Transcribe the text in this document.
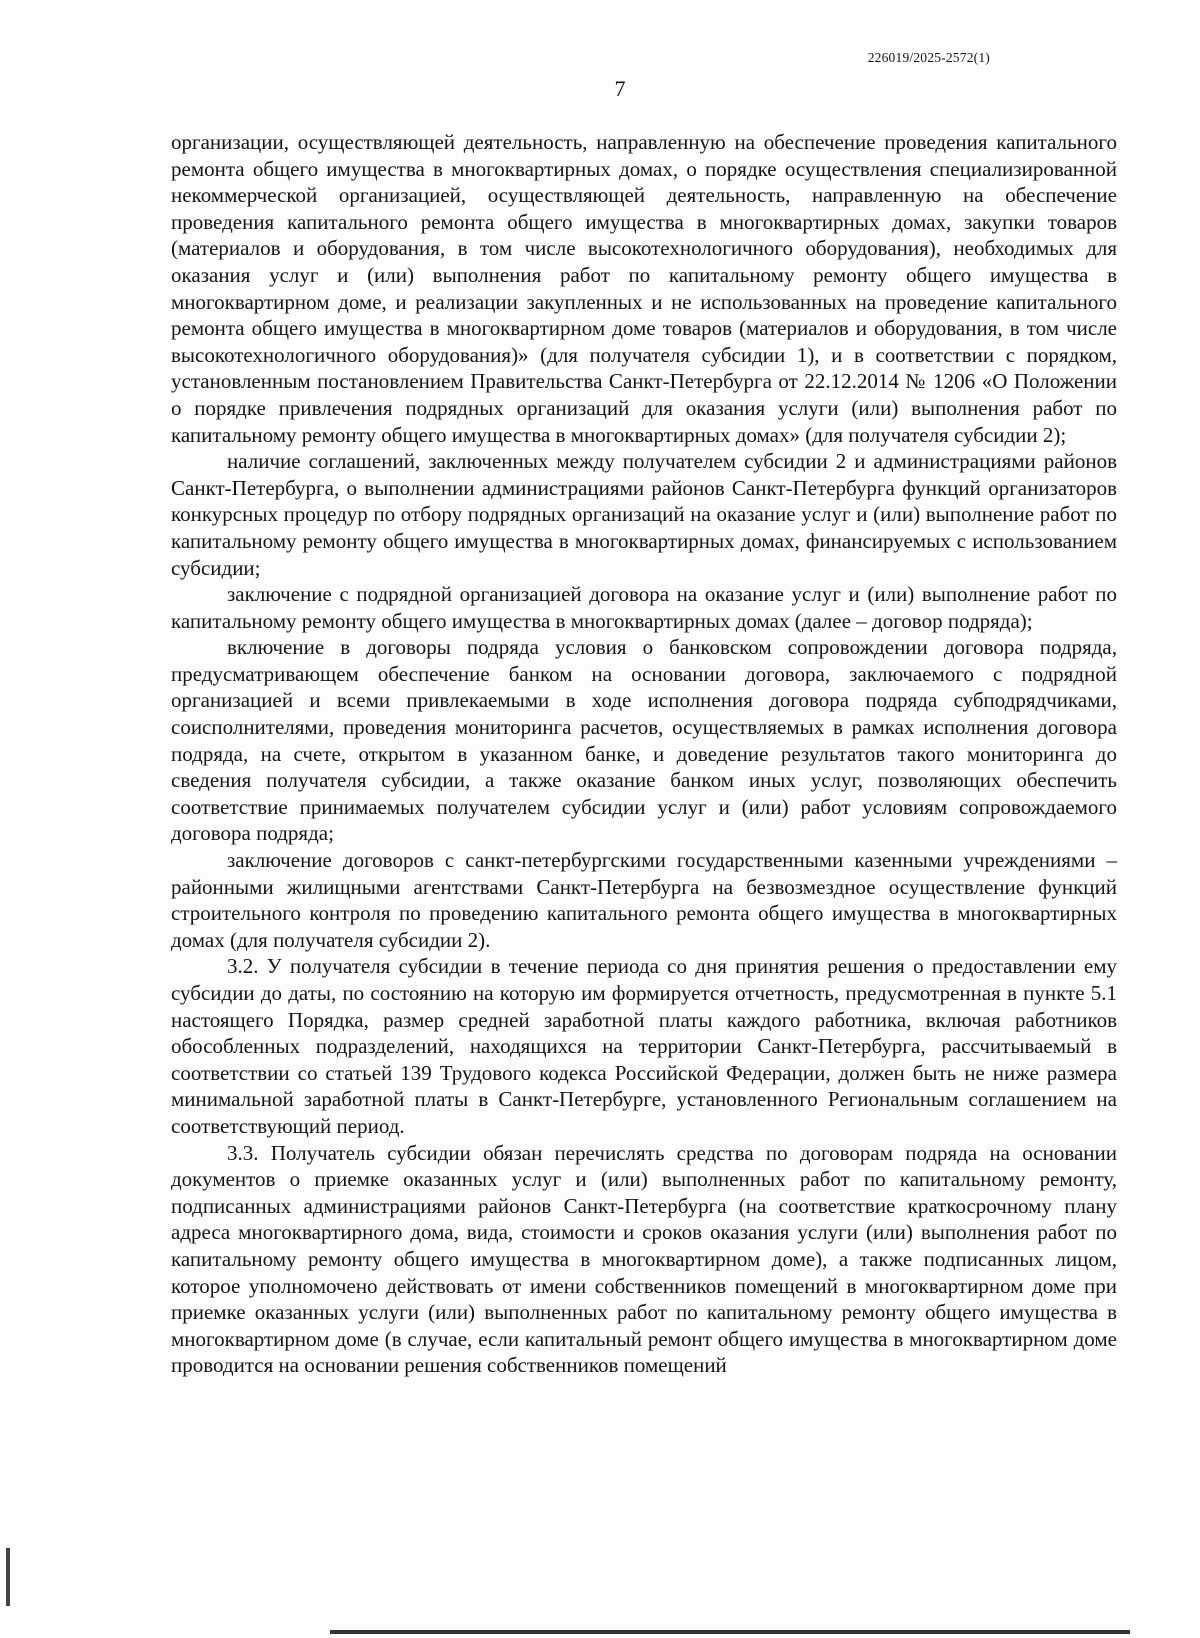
226019/2025-2572(1)
7

организации, осуществляющей деятельность, направленную на обеспечение проведения капитального ремонта общего имущества в многоквартирных домах, о порядке осуществления специализированной некоммерческой организацией, осуществляющей деятельность, направленную на обеспечение проведения капитального ремонта общего имущества в многоквартирных домах, закупки товаров (материалов и оборудования, в том числе высокотехнологичного оборудования), необходимых для оказания услуг и (или) выполнения работ по капитальному ремонту общего имущества в многоквартирном доме, и реализации закупленных и не использованных на проведение капитального ремонта общего имущества в многоквартирном доме товаров (материалов и оборудования, в том числе высокотехнологичного оборудования)» (для получателя субсидии 1), и в соответствии с порядком, установленным постановлением Правительства Санкт-Петербурга от 22.12.2014 № 1206 «О Положении о порядке привлечения подрядных организаций для оказания услуги (или) выполнения работ по капитальному ремонту общего имущества в многоквартирных домах» (для получателя субсидии 2);

наличие соглашений, заключенных между получателем субсидии 2 и администрациями районов Санкт-Петербурга, о выполнении администрациями районов Санкт-Петербурга функций организаторов конкурсных процедур по отбору подрядных организаций на оказание услуг и (или) выполнение работ по капитальному ремонту общего имущества в многоквартирных домах, финансируемых с использованием субсидии;

заключение с подрядной организацией договора на оказание услуг и (или) выполнение работ по капитальному ремонту общего имущества в многоквартирных домах (далее – договор подряда);

включение в договоры подряда условия о банковском сопровождении договора подряда, предусматривающем обеспечение банком на основании договора, заключаемого с подрядной организацией и всеми привлекаемыми в ходе исполнения договора подряда субподрядчиками, соисполнителями, проведения мониторинга расчетов, осуществляемых в рамках исполнения договора подряда, на счете, открытом в указанном банке, и доведение результатов такого мониторинга до сведения получателя субсидии, а также оказание банком иных услуг, позволяющих обеспечить соответствие принимаемых получателем субсидии услуг и (или) работ условиям сопровождаемого договора подряда;

заключение договоров с санкт-петербургскими государственными казенными учреждениями – районными жилищными агентствами Санкт-Петербурга на безвозмездное осуществление функций строительного контроля по проведению капитального ремонта общего имущества в многоквартирных домах (для получателя субсидии 2).

3.2. У получателя субсидии в течение периода со дня принятия решения о предоставлении ему субсидии до даты, по состоянию на которую им формируется отчетность, предусмотренная в пункте 5.1 настоящего Порядка, размер средней заработной платы каждого работника, включая работников обособленных подразделений, находящихся на территории Санкт-Петербурга, рассчитываемый в соответствии со статьей 139 Трудового кодекса Российской Федерации, должен быть не ниже размера минимальной заработной платы в Санкт-Петербурге, установленного Региональным соглашением на соответствующий период.

3.3. Получатель субсидии обязан перечислять средства по договорам подряда на основании документов о приемке оказанных услуг и (или) выполненных работ по капитальному ремонту, подписанных администрациями районов Санкт-Петербурга (на соответствие краткосрочному плану адреса многоквартирного дома, вида, стоимости и сроков оказания услуги (или) выполнения работ по капитальному ремонту общего имущества в многоквартирном доме), а также подписанных лицом, которое уполномочено действовать от имени собственников помещений в многоквартирном доме при приемке оказанных услуги (или) выполненных работ по капитальному ремонту общего имущества в многоквартирном доме (в случае, если капитальный ремонт общего имущества в многоквартирном доме проводится на основании решения собственников помещений
